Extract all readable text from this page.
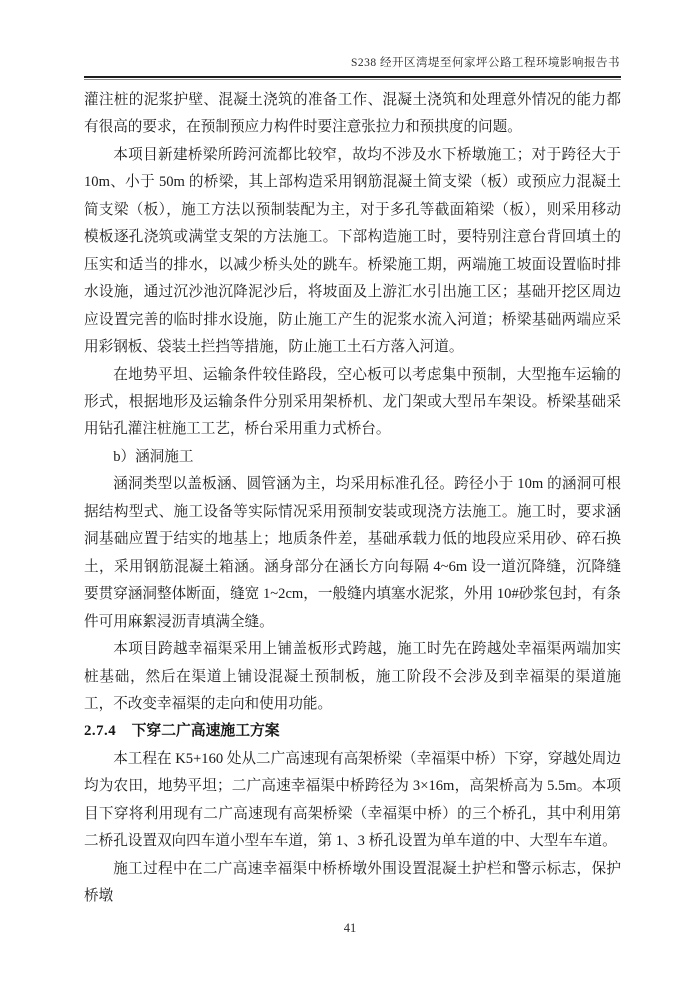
S238 经开区湾堤至何家坪公路工程环境影响报告书

灌注桩的泥浆护壁、混凝土浇筑的准备工作、混凝土浇筑和处理意外情况的能力都有很高的要求，在预制预应力构件时要注意张拉力和预拱度的问题。

本项目新建桥梁所跨河流都比较窄，故均不涉及水下桥墩施工；对于跨径大于 10m、小于 50m 的桥梁，其上部构造采用钢筋混凝土简支梁（板）或预应力混凝土简支梁（板），施工方法以预制装配为主，对于多孔等截面箱梁（板），则采用移动模板逐孔浇筑或满堂支架的方法施工。下部构造施工时，要特别注意台背回填土的压实和适当的排水，以减少桥头处的跳车。桥梁施工期，两端施工坡面设置临时排水设施，通过沉沙池沉降泥沙后，将坡面及上游汇水引出施工区；基础开挖区周边应设置完善的临时排水设施，防止施工产生的泥浆水流入河道；桥梁基础两端应采用彩钢板、袋装土拦挡等措施，防止施工土石方落入河道。

在地势平坦、运输条件较佳路段，空心板可以考虑集中预制，大型拖车运输的形式，根据地形及运输条件分别采用架桥机、龙门架或大型吊车架设。桥梁基础采用钻孔灌注桩施工工艺，桥台采用重力式桥台。

b）涵洞施工

涵洞类型以盖板涵、圆管涵为主，均采用标准孔径。跨径小于 10m 的涵洞可根据结构型式、施工设备等实际情况采用预制安装或现浇方法施工。施工时，要求涵洞基础应置于结实的地基上；地质条件差，基础承载力低的地段应采用砂、碎石换土，采用钢筋混凝土箱涵。涵身部分在涵长方向每隔 4~6m 设一道沉降缝，沉降缝要贯穿涵洞整体断面，缝宽 1~2cm，一般缝内填塞水泥浆，外用 10#砂浆包封，有条件可用麻絮浸沥青填满全缝。

本项目跨越幸福渠采用上铺盖板形式跨越，施工时先在跨越处幸福渠两端加实桩基础，然后在渠道上铺设混凝土预制板，施工阶段不会涉及到幸福渠的渠道施工，不改变幸福渠的走向和使用功能。

2.7.4 下穿二广高速施工方案

本工程在 K5+160 处从二广高速现有高架桥梁（幸福渠中桥）下穿，穿越处周边均为农田，地势平坦；二广高速幸福渠中桥跨径为 3×16m，高架桥高为 5.5m。本项目下穿将利用现有二广高速现有高架桥梁（幸福渠中桥）的三个桥孔，其中利用第二桥孔设置双向四车道小型车车道，第 1、3 桥孔设置为单车道的中、大型车车道。

施工过程中在二广高速幸福渠中桥桥墩外围设置混凝土护栏和警示标志，保护桥墩

41
